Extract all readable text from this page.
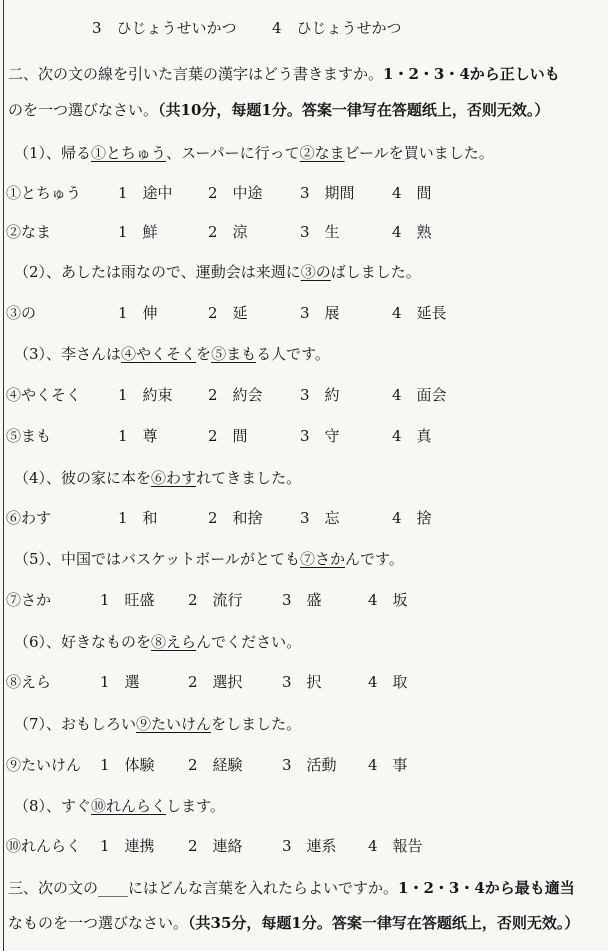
3　ひじょうせいかつ 4　ひじょうせかつ
二、次の文の線を引いた言葉の漢字はどう書きますか。1・2・3・4から正しいも
のを一つ選びなさい。（共10分，每题1分。答案一律写在答题纸上，否则无效。）
（1）、帰る①とちゅう、スーパーに行って②なまビールを買いました。
①とちゅう 1　途中 2　中途 3　期間 4　間
②なま	1　鮮	2　涼	3　生	4　熟
（2）、あしたは雨なので、運動会は来週に③のばしました。
③の	1　伸	2　延	3　展	4　延長
（3）、李さんは④やくそくを⑤まもる人です。
④やくそく 1　約束 2　約会 3　約	4　面会
⑤まも	1　尊	2　間	3　守	4　真
（4）、彼の家に本を⑥わすれてきました。
⑥わす	1　和	2　和捨 3　忘	4　捨
（5）、中国ではバスケットボールがとても⑦さかんです。
⑦さか	1　旺盛 2　流行	3　盛	4　坂
（6）、好きなものを⑧えらんでください。
⑧えら	1　選	2　選択	3　択	4　取
（7）、おもしろい⑨たいけんをしました。
⑨たいけん 1　体験 2　経験	3　活動 4　事
（8）、すぐ⑩れんらくします。
⑩れんらく 1　連携 2　連絡	3　連系 4　報告
三、次の文の____にはどんな言葉を入れたらよいですか。1・2・3・4から最も適当
なものを一つ選びなさい。（共35分，每题1分。答案一律写在答题纸上，否则无效。）
